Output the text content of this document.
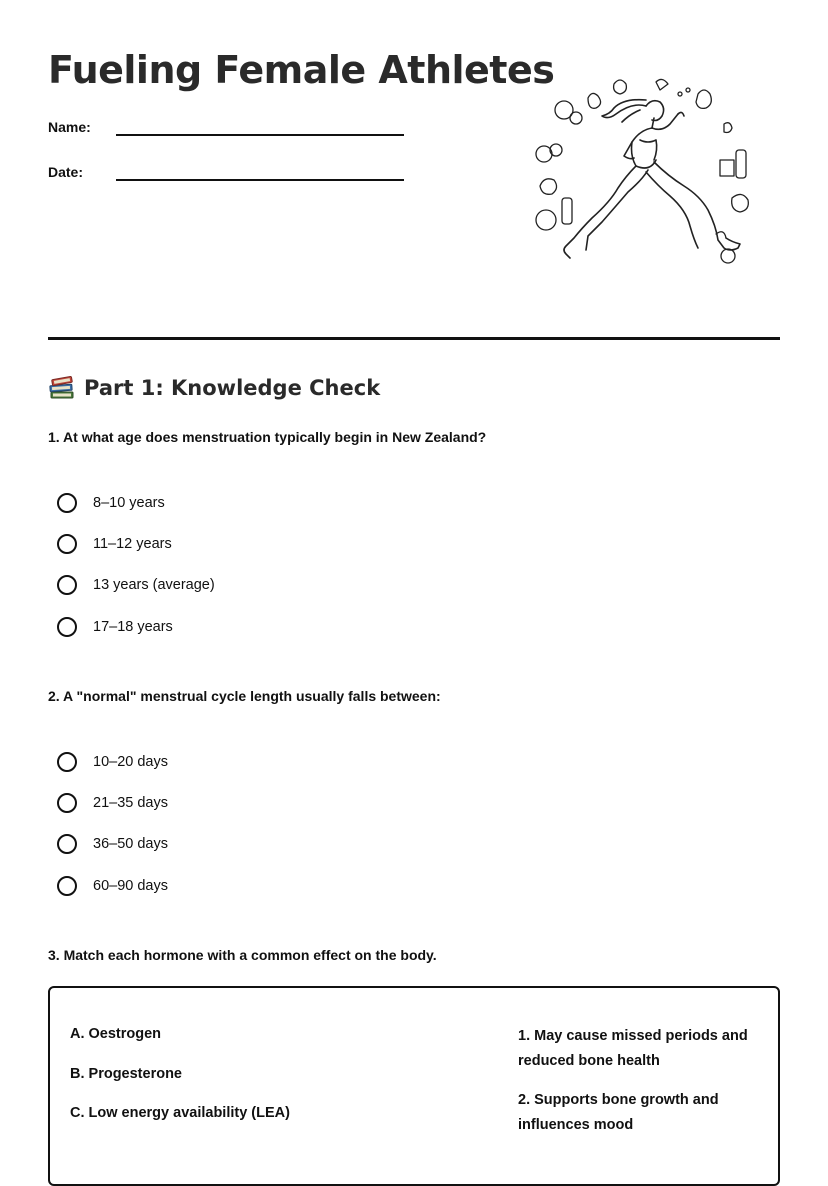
Fueling Female Athletes
Name:
Date:
Part 1: Knowledge Check

1. At what age does menstruation typically begin in New Zealand?

8–10 years
11–12 years
13 years (average)
17–18 years

2. A "normal" menstrual cycle length usually falls between:

10–20 days
21–35 days
36–50 days
60–90 days

3. Match each hormone with a common effect on the body.

A. Oestrogen
B. Progesterone
C. Low energy availability (LEA)
1. May cause missed periods and reduced bone health
2. Supports bone growth and influences mood
